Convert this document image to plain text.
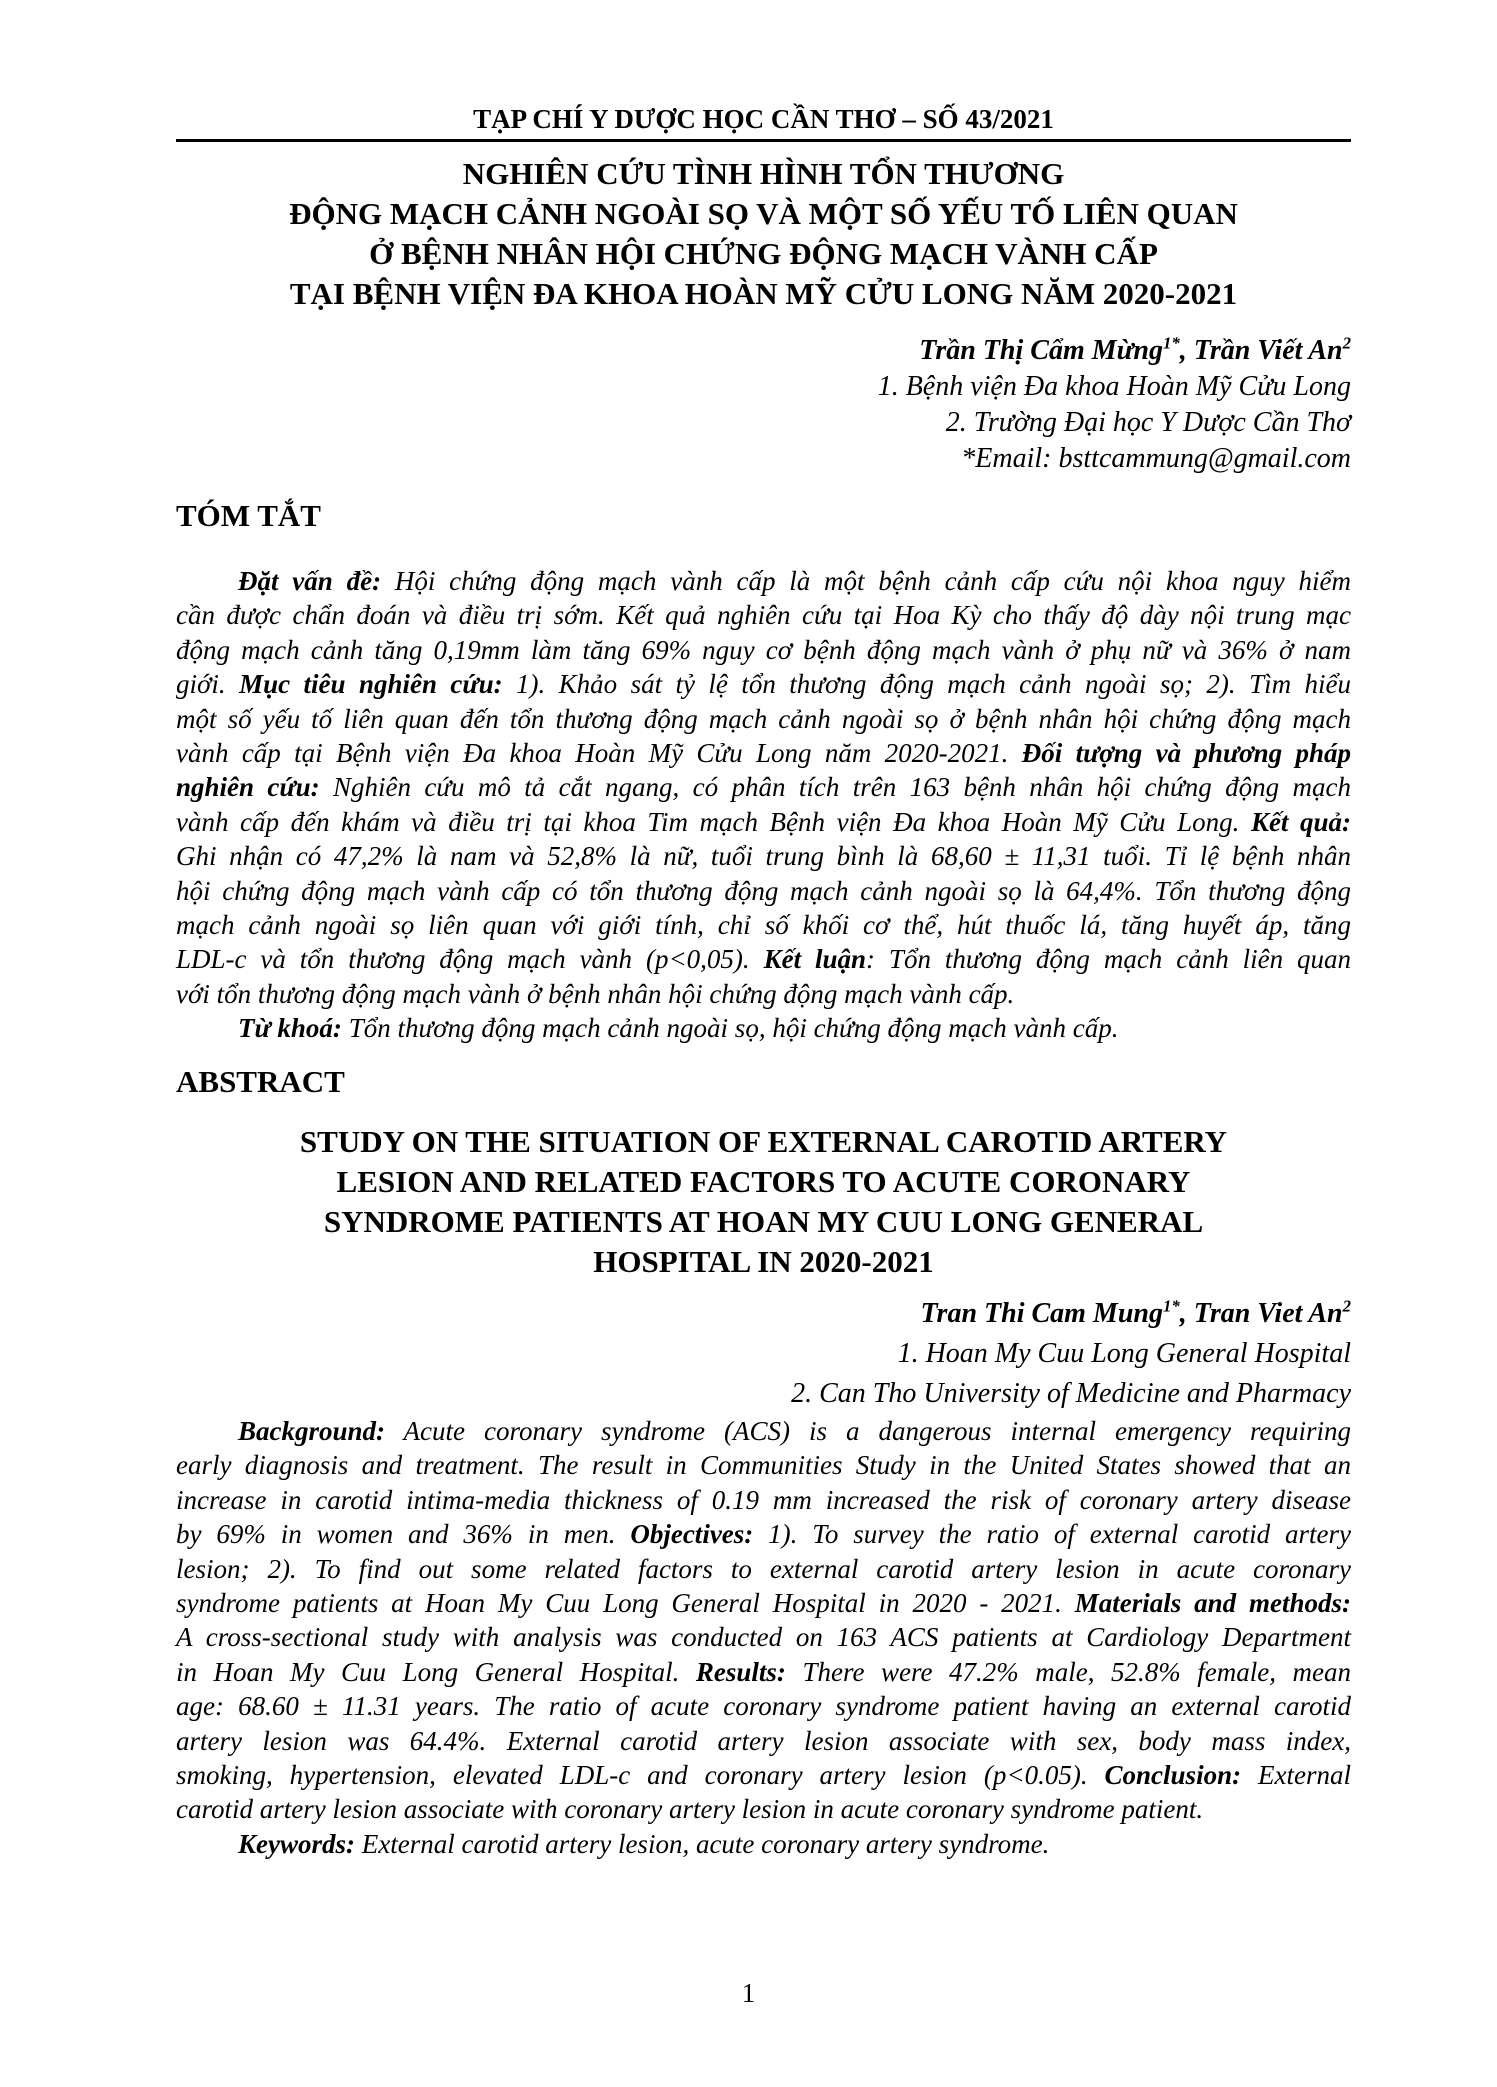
TẠP CHÍ Y DƯỢC HỌC CẦN THƠ – SỐ 43/2021
NGHIÊN CỨU TÌNH HÌNH TỔN THƯƠNG
ĐỘNG MẠCH CẢNH NGOÀI SỌ VÀ MỘT SỐ YẾU TỐ LIÊN QUAN
Ở BỆNH NHÂN HỘI CHỨNG ĐỘNG MẠCH VÀNH CẤP
TẠI BỆNH VIỆN ĐA KHOA HOÀN MỸ CỬU LONG NĂM 2020-2021
Trần Thị Cẩm Mừng$^{1*}$, Trần Viết An$^2$
1. Bệnh viện Đa khoa Hoàn Mỹ Cửu Long
2. Trường Đại học Y Dược Cần Thơ
*Email: bsttcammung@gmail.com
TÓM TẮT
Đặt vấn đề: Hội chứng động mạch vành cấp là một bệnh cảnh cấp cứu nội khoa nguy hiểm
cần được chẩn đoán và điều trị sớm. Kết quả nghiên cứu tại Hoa Kỳ cho thấy độ dày nội trung mạc
động mạch cảnh tăng 0,19mm làm tăng 69% nguy cơ bệnh động mạch vành ở phụ nữ và 36% ở nam
giới. Mục tiêu nghiên cứu: 1). Khảo sát tỷ lệ tổn thương động mạch cảnh ngoài sọ; 2). Tìm hiểu
một số yếu tố liên quan đến tổn thương động mạch cảnh ngoài sọ ở bệnh nhân hội chứng động mạch
vành cấp tại Bệnh viện Đa khoa Hoàn Mỹ Cửu Long năm 2020-2021. Đối tượng và phương pháp
nghiên cứu: Nghiên cứu mô tả cắt ngang, có phân tích trên 163 bệnh nhân hội chứng động mạch
vành cấp đến khám và điều trị tại khoa Tim mạch Bệnh viện Đa khoa Hoàn Mỹ Cửu Long. Kết quả:
Ghi nhận có 47,2% là nam và 52,8% là nữ, tuổi trung bình là 68,60 ± 11,31 tuổi. Tỉ lệ bệnh nhân
hội chứng động mạch vành cấp có tổn thương động mạch cảnh ngoài sọ là 64,4%. Tổn thương động
mạch cảnh ngoài sọ liên quan với giới tính, chỉ số khối cơ thể, hút thuốc lá, tăng huyết áp, tăng
LDL-c và tổn thương động mạch vành (p<0,05). Kết luận: Tổn thương động mạch cảnh liên quan
với tổn thương động mạch vành ở bệnh nhân hội chứng động mạch vành cấp.
Từ khoá: Tổn thương động mạch cảnh ngoài sọ, hội chứng động mạch vành cấp.
ABSTRACT
STUDY ON THE SITUATION OF EXTERNAL CAROTID ARTERY
LESION AND RELATED FACTORS TO ACUTE CORONARY
SYNDROME PATIENTS AT HOAN MY CUU LONG GENERAL
HOSPITAL IN 2020-2021
Tran Thi Cam Mung$^{1*}$, Tran Viet An$^2$
1. Hoan My Cuu Long General Hospital
2. Can Tho University of Medicine and Pharmacy
Background: Acute coronary syndrome (ACS) is a dangerous internal emergency requiring
early diagnosis and treatment. The result in Communities Study in the United States showed that an
increase in carotid intima-media thickness of 0.19 mm increased the risk of coronary artery disease
by 69% in women and 36% in men. Objectives: 1). To survey the ratio of external carotid artery
lesion; 2). To find out some related factors to external carotid artery lesion in acute coronary
syndrome patients at Hoan My Cuu Long General Hospital in 2020 - 2021. Materials and methods:
A cross-sectional study with analysis was conducted on 163 ACS patients at Cardiology Department
in Hoan My Cuu Long General Hospital. Results: There were 47.2% male, 52.8% female, mean
age: 68.60 ± 11.31 years. The ratio of acute coronary syndrome patient having an external carotid
artery lesion was 64.4%. External carotid artery lesion associate with sex, body mass index,
smoking, hypertension, elevated LDL-c and coronary artery lesion (p<0.05). Conclusion: External
carotid artery lesion associate with coronary artery lesion in acute coronary syndrome patient.
Keywords: External carotid artery lesion, acute coronary artery syndrome.
1
